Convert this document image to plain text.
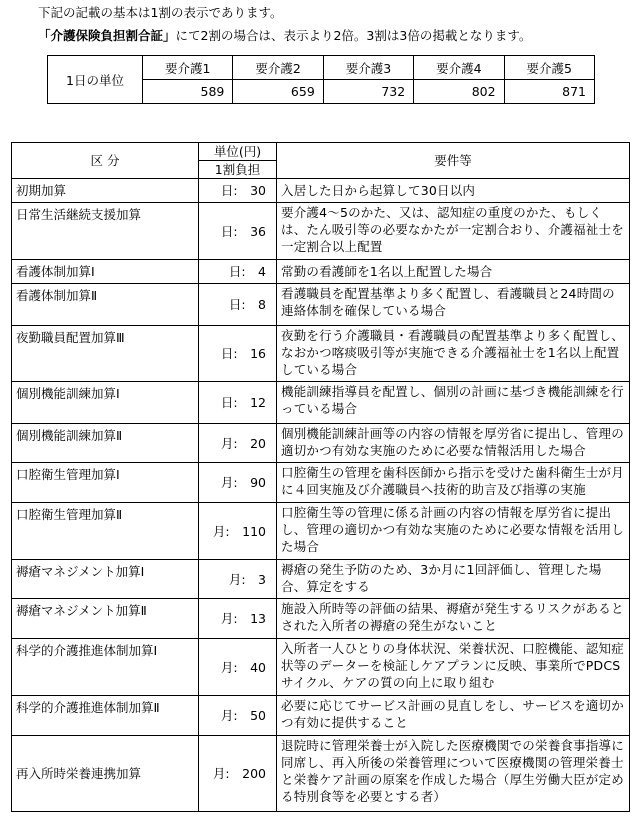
下記の記載の基本は1割の表示であります。
「介護保険負担割合証」にて2割の場合は、表示より2倍。3割は3倍の掲載となります。
1日の単位	要介護1	要介護2	要介護3	要介護4	要介護5
	589	659	732	802	871
区 分	単位(円)	要件等
	1割負担	
初期加算	日:　30	入居した日から起算して30日以内
日常生活継続支援加算	日:　36	要介護4～5のかた、又は、認知症の重度のかた、もしくは、たん吸引等の必要なかたが一定割合おり、介護福祉士を一定割合以上配置
看護体制加算Ⅰ	日:　4	常勤の看護師を1名以上配置した場合
看護体制加算Ⅱ	日:　8	看護職員を配置基準より多く配置し、看護職員と24時間の連絡体制を確保している場合
夜勤職員配置加算Ⅲ	日:　16	夜勤を行う介護職員・看護職員の配置基準より多く配置し、なおかつ喀痰吸引等が実施できる介護福祉士を1名以上配置している場合
個別機能訓練加算Ⅰ	日:　12	機能訓練指導員を配置し、個別の計画に基づき機能訓練を行っている場合
個別機能訓練加算Ⅱ	月:　20	個別機能訓練計画等の内容の情報を厚労省に提出し、管理の適切かつ有効な実施のために必要な情報活用した場合
口腔衛生管理加算Ⅰ	月:　90	口腔衛生の管理を歯科医師から指示を受けた歯科衛生士が月に４回実施及び介護職員へ技術的助言及び指導の実施
口腔衛生管理加算Ⅱ	月:　110	口腔衛生等の管理に係る計画の内容の情報を厚労省に提出し、管理の適切かつ有効な実施のために必要な情報を活用した場合
褥瘡マネジメント加算Ⅰ	月:　3	褥瘡の発生予防のため、3か月に1回評価し、管理した場合、算定をする
褥瘡マネジメント加算Ⅱ	月:　13	施設入所時等の評価の結果、褥瘡が発生するリスクがあるとされた入所者の褥瘡の発生がないこと
科学的介護推進体制加算Ⅰ	月:　40	入所者一人ひとりの身体状況、栄養状況、口腔機能、認知症状等のデーターを検証しケアプランに反映、事業所でPDCSサイクル、ケアの質の向上に取り組む
科学的介護推進体制加算Ⅱ	月:　50	必要に応じてサービス計画の見直しをし、サービスを適切かつ有効に提供すること
再入所時栄養連携加算	月:　200	退院時に管理栄養士が入院した医療機関での栄養食事指導に同席し、再入所後の栄養管理について医療機関の管理栄養士と栄養ケア計画の原案を作成した場合（厚生労働大臣が定める特別食等を必要とする者）
